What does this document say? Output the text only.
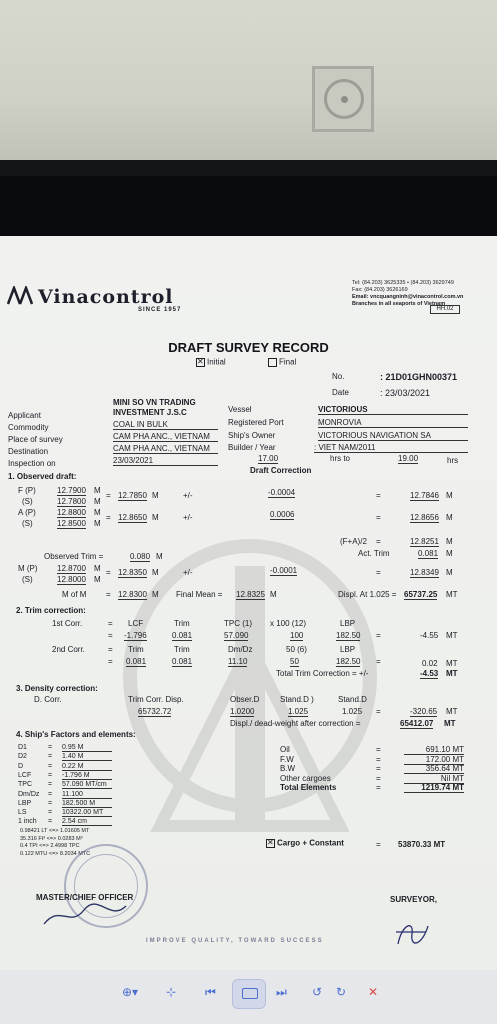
Vinacontrol
SINCE 1957
Tel: (84.203) 3625335 • (84.203) 3629749
Fax: (84.203) 3626169
Email: vncquangninh@vinacontrol.com.vn
Branches in all seaports of Vietnam
HH.02
DRAFT SURVEY RECORD
✕Initial	Final
No.	: 21D01GHN00371
Date	: 23/03/2021
MINI SO VN TRADING
Applicant	INVESTMENT J.S.C
Commodity	COAL IN BULK
Place of survey	CAM PHA ANC., VIETNAM
Destination	CAM PHA ANC., VIETNAM
Inspection on	23/03/2021
Vessel	VICTORIOUS
Registered Port	MONROVIA
Ship's Owner	VICTORIOUS NAVIGATION SA
Builder / Year	: VIET NAM/2011
17.00	hrs to	19.00	hrs
1. Observed draft:
Draft Correction
F (P)	12.7900 M
(S)	12.7800 M
= 12.7850 M	+/-	-0.0004	=	12.7846 M
A (P)	12.8800 M
(S)	12.8500 M
= 12.8650 M	+/-	0.0006	=	12.8656 M
(F+A)/2 =	12.8251 M
Observed Trim =	0.080 M	Act. Trim	0.081 M
M (P) 12.8700 M
(S)	12.8000 M
= 12.8350 M	+/-	-0.0001	=	12.8349 M
M of M = 12.8300 M Final Mean = 12.8325 M	Displ. At 1.025 = 65737.25 MT
2. Trim correction:
1st Corr.	= LCF	Trim	TPC (1) x 100 (12)	LBP
= -1.796	0.081	57.090	100	182.50 =	-4.55 MT
2nd Corr.	= Trim	Trim	Dm/Dz	50 (6)	LBP
= 0.081	0.081	11.10	50	182.50 =	0.02 MT
Total Trim Correction = +/-	-4.53 MT
3. Density correction:
D. Corr.	Trim Corr. Disp.	Obser.D	Stand.D )	Stand.D
65732.72	1.0200	1.025	1.025 =	-320.65 MT
Displ./ dead-weight after correction =	65412.07 MT
4. Ship's Factors and elements:
D1	= 0.95 M
D2	= 1.40 M
D	= 0.22 M
LCF = -1.796 M
TPC = 57.090 MT/cm
Dm/Dz = 11.100
LBP = 182.500 M
LS	= 10322.00 MT
1 inch = 2.54 cm
0.98421 LT <=> 1.01605 MT
35.316 Ft³ <=> 0.0283 M³
0.4 TPI <=> 2.4998 TPC
0.122 MTU <=> 8.2034 MTC
Oil	=	691.10 MT
F.W	=	172.00 MT
B.W	=	356.64 MT
Other cargoes	=	Nil MT
Total Elements	=	1219.74 MT
✕Cargo + Constant	= 53870.33 MT
MASTER/CHIEF OFFICER	SURVEYOR,
IMPROVE QUALITY, TOWARD SUCCESS
⊕▾ ⊹ ⏮	⏭ ↺ ↻ ✕
